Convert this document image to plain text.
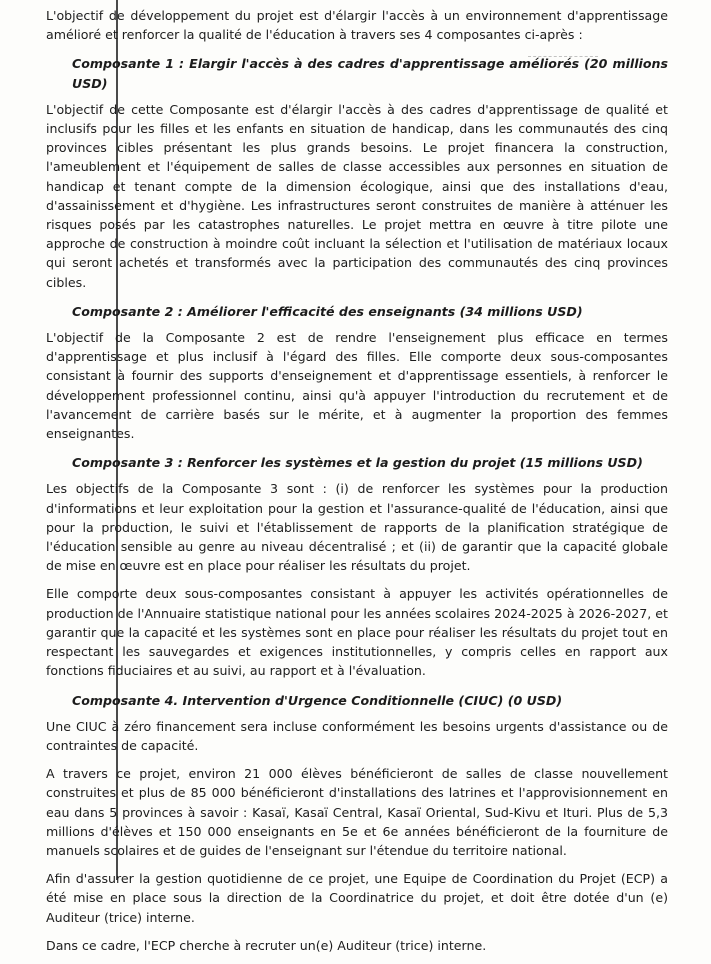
L'objectif de développement du projet est d'élargir l'accès à un environnement d'apprentissage amélioré et renforcer la qualité de l'éducation à travers ses 4 composantes ci-après :

Composante 1 : Elargir l'accès à des cadres d'apprentissage améliorés (20 millions USD)

L'objectif de cette Composante est d'élargir l'accès à des cadres d'apprentissage de qualité et inclusifs pour les filles et les enfants en situation de handicap, dans les communautés des cinq provinces cibles présentant les plus grands besoins. Le projet financera la construction, l'ameublement et l'équipement de salles de classe accessibles aux personnes en situation de handicap et tenant compte de la dimension écologique, ainsi que des installations d'eau, d'assainissement et d'hygiène. Les infrastructures seront construites de manière à atténuer les risques posés par les catastrophes naturelles. Le projet mettra en œuvre à titre pilote une approche de construction à moindre coût incluant la sélection et l'utilisation de matériaux locaux qui seront achetés et transformés avec la participation des communautés des cinq provinces cibles.

Composante 2 : Améliorer l'efficacité des enseignants (34 millions USD)

L'objectif de la Composante 2 est de rendre l'enseignement plus efficace en termes d'apprentissage et plus inclusif à l'égard des filles. Elle comporte deux sous-composantes consistant à fournir des supports d'enseignement et d'apprentissage essentiels, à renforcer le développement professionnel continu, ainsi qu'à appuyer l'introduction du recrutement et de l'avancement de carrière basés sur le mérite, et à augmenter la proportion des femmes enseignantes.

Composante 3 : Renforcer les systèmes et la gestion du projet (15 millions USD)

Les objectifs de la Composante 3 sont : (i) de renforcer les systèmes pour la production d'informations et leur exploitation pour la gestion et l'assurance-qualité de l'éducation, ainsi que pour la production, le suivi et l'établissement de rapports de la planification stratégique de l'éducation sensible au genre au niveau décentralisé ; et (ii) de garantir que la capacité globale de mise en œuvre est en place pour réaliser les résultats du projet.

Elle comporte deux sous-composantes consistant à appuyer les activités opérationnelles de production de l'Annuaire statistique national pour les années scolaires 2024-2025 à 2026-2027, et garantir que la capacité et les systèmes sont en place pour réaliser les résultats du projet tout en respectant les sauvegardes et exigences institutionnelles, y compris celles en rapport aux fonctions fiduciaires et au suivi, au rapport et à l'évaluation.

Composante 4. Intervention d'Urgence Conditionnelle (CIUC) (0 USD)

Une CIUC à zéro financement sera incluse conformément les besoins urgents d'assistance ou de contraintes de capacité.

A travers ce projet, environ 21 000 élèves bénéficieront de salles de classe nouvellement construites et plus de 85 000 bénéficieront d'installations des latrines et l'approvisionnement en eau dans 5 provinces à savoir : Kasaï, Kasaï Central, Kasaï Oriental, Sud-Kivu et Ituri. Plus de 5,3 millions d'élèves et 150 000 enseignants en 5e et 6e années bénéficieront de la fourniture de manuels scolaires et de guides de l'enseignant sur l'étendue du territoire national.

Afin d'assurer la gestion quotidienne de ce projet, une Equipe de Coordination du Projet (ECP) a été mise en place sous la direction de la Coordinatrice du projet, et doit être dotée d'un (e) Auditeur (trice) interne.

Dans ce cadre, l'ECP cherche à recruter un(e) Auditeur (trice) interne.
